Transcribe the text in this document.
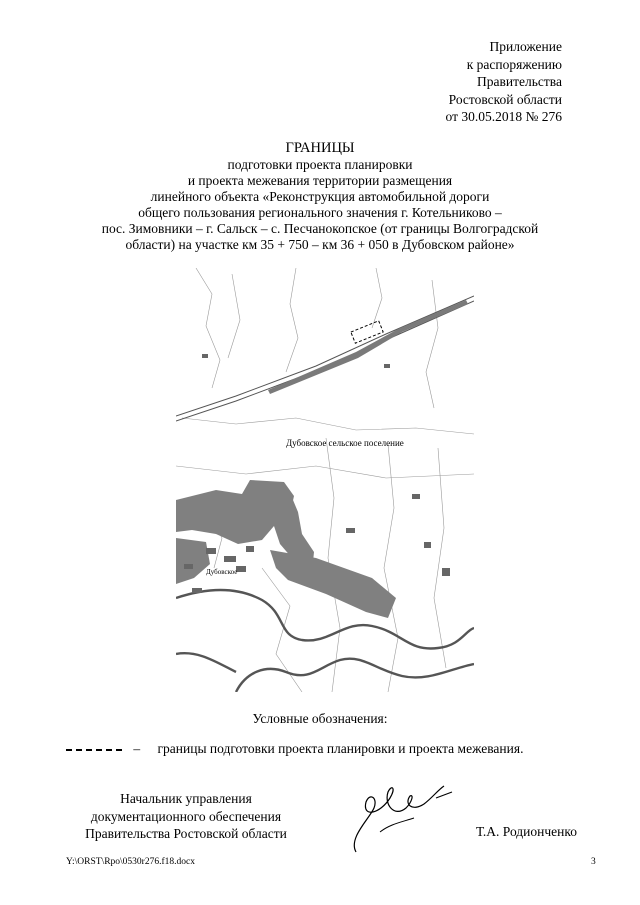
Приложение
к распоряжению
Правительства
Ростовской области
от 30.05.2018 № 276
ГРАНИЦЫ
подготовки проекта планировки
и проекта межевания территории размещения
линейного объекта «Реконструкция автомобильной дороги
общего пользования регионального значения г. Котельниково –
пос. Зимовники – г. Сальск – с. Песчанокопское (от границы Волгоградской
области) на участке км 35 + 750 – км 36 + 050 в Дубовском районе»
Дубовское сельское поселение
Дубовское
Условные обозначения:
– границы подготовки проекта планировки и проекта межевания.
Начальник управления
документационного обеспечения
Правительства Ростовской области	Т.А. Родионченко
Y:\ORST\Rpo\0530r276.f18.docx	3
